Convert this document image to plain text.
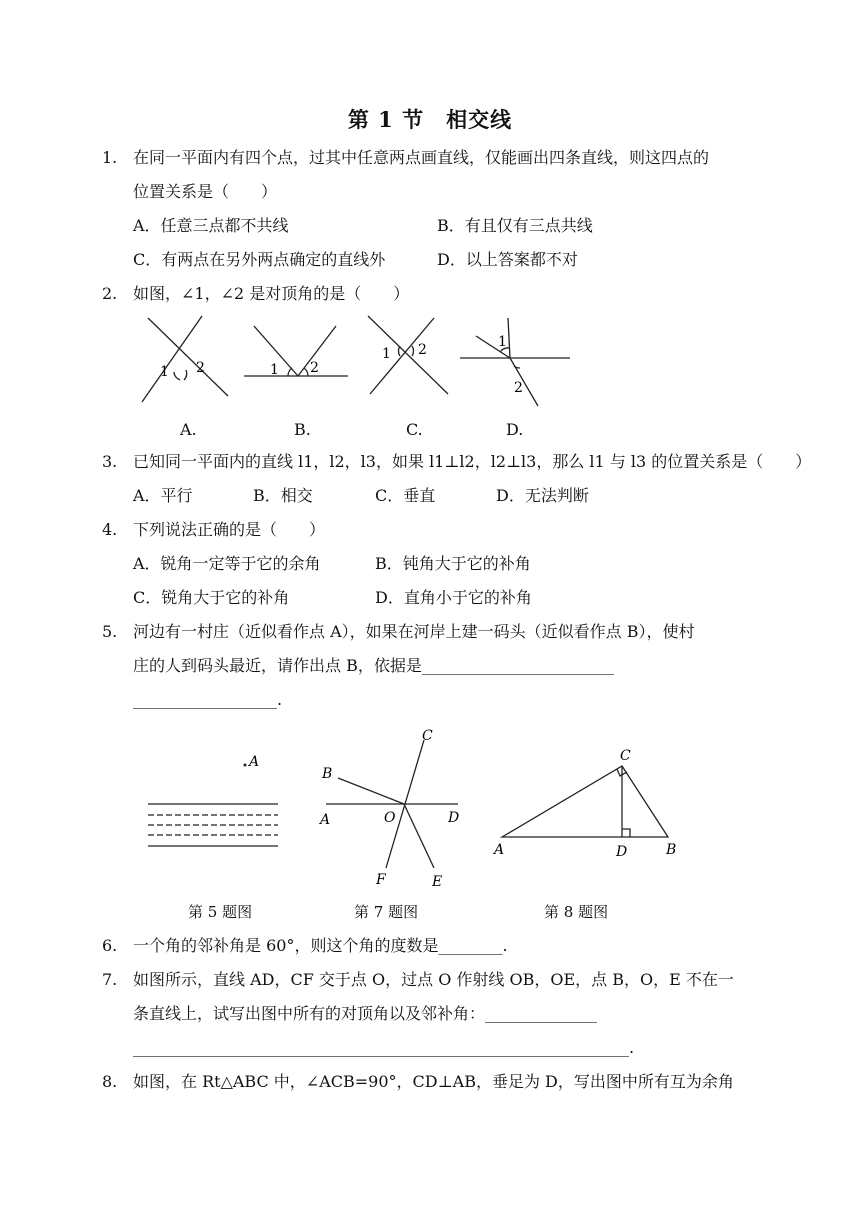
第 1 节　相交线
1. 在同一平面内有四个点，过其中任意两点画直线，仅能画出四条直线，则这四点的
位置关系是（　　）
A．任意三点都不共线	B．有且仅有三点共线
C．有两点在另外两点确定的直线外	D．以上答案都不对
2. 如图，∠1，∠2 是对顶角的是（　　）
1 2	1 2
1 2	1
2
A.	B.	C.	D.
3. 已知同一平面内的直线 l1，l2，l3，如果 l1⊥l2，l2⊥l3，那么 l1 与 l3 的位置关系是（　　）
A．平行	B．相交	C．垂直	D．无法判断
4. 下列说法正确的是（　　）
A．锐角一定等于它的余角	B．钝角大于它的补角
C．锐角大于它的补角	D．直角小于它的补角
5. 河边有一村庄（近似看作点 A），如果在河岸上建一码头（近似看作点 B），使村
庄的人到码头最近，请作出点 B，依据是________________________
__________________.
A
C
B
A	O	D
F	E
C
A	D	B
第 5 题图	第 7 题图	第 8 题图
6. 一个角的邻补角是 60°，则这个角的度数是________.
7. 如图所示，直线 AD，CF 交于点 O，过点 O 作射线 OB，OE，点 B，O，E 不在一
条直线上，试写出图中所有的对顶角以及邻补角：______________
______________________________________________________________.
8. 如图，在 Rt△ABC 中，∠ACB=90°，CD⊥AB，垂足为 D，写出图中所有互为余角
